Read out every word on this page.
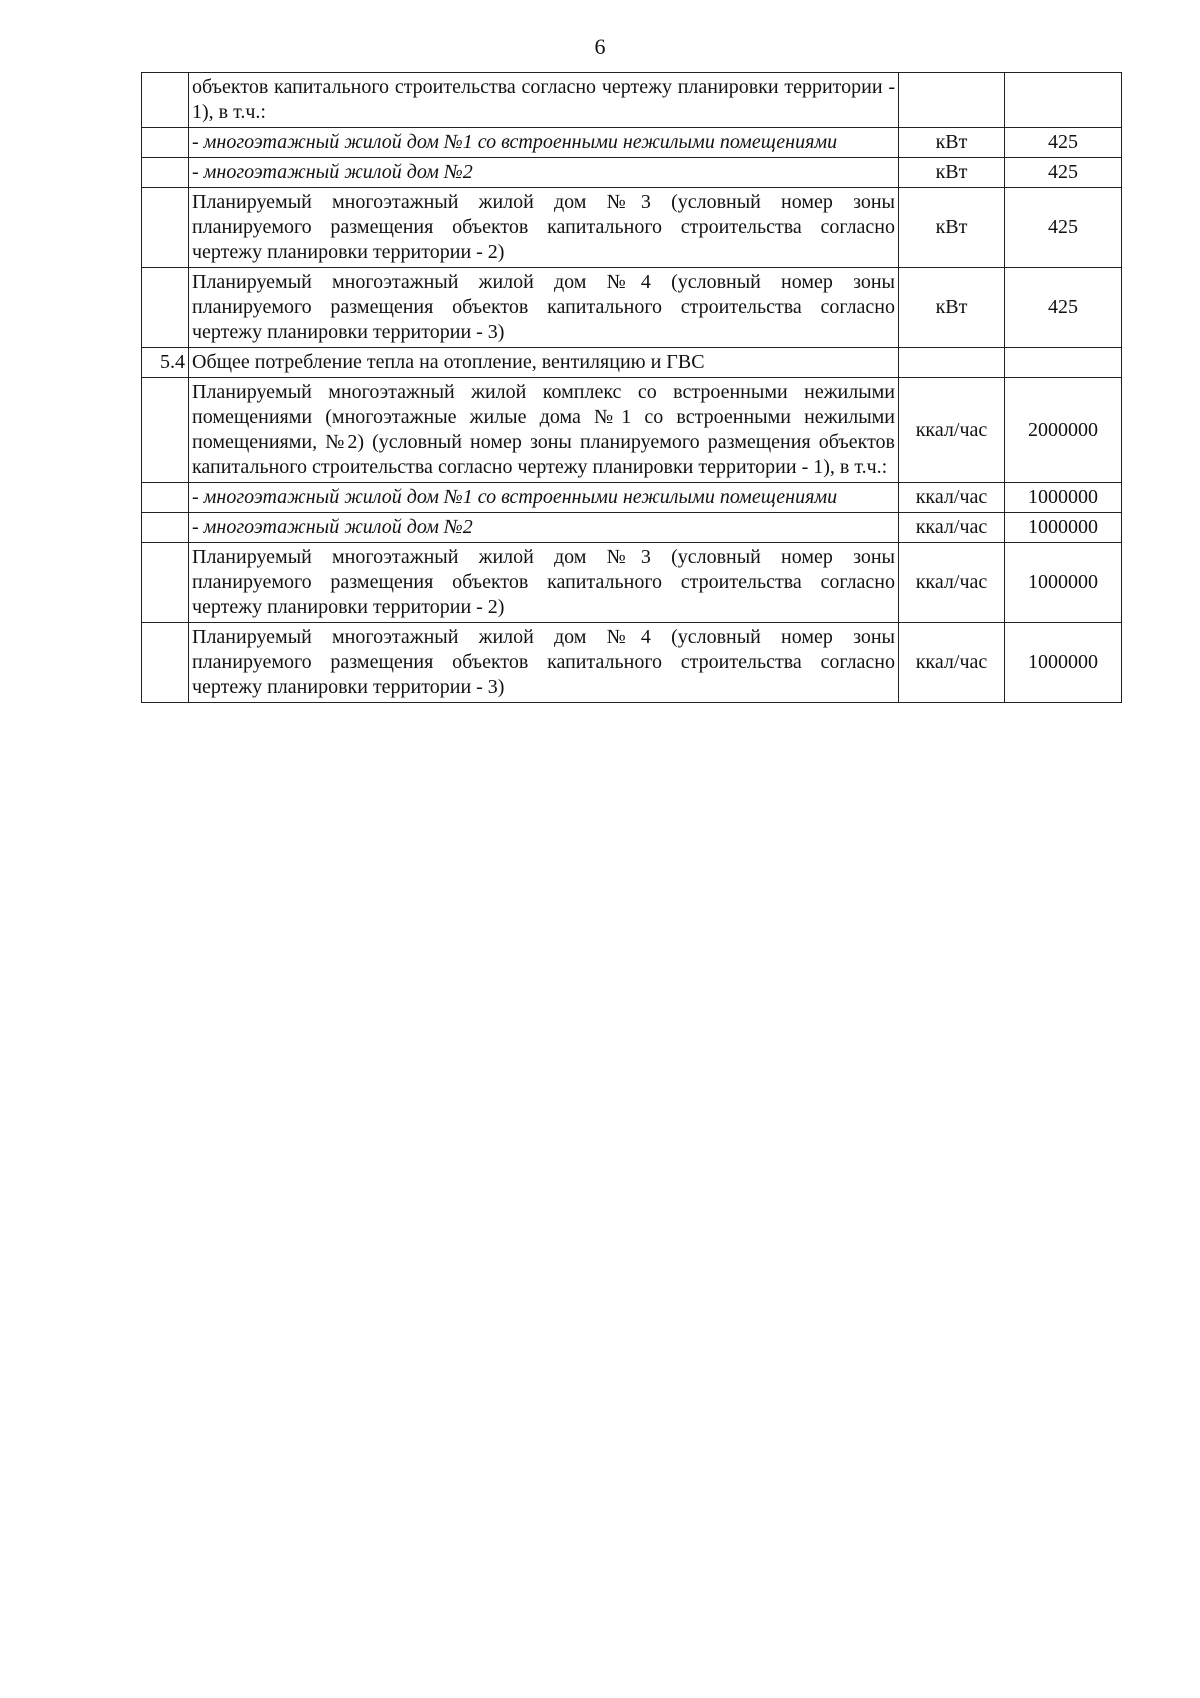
6
	объектов капитального строительства согласно чертежу планировки территории - 1), в т.ч.:		
	- многоэтажный жилой дом №1 со встроенными нежилыми помещениями	кВт	425
	- многоэтажный жилой дом №2	кВт	425
	Планируемый многоэтажный жилой дом №3 (условный номер зоны планируемого размещения объектов капитального строительства согласно чертежу планировки территории - 2)	кВт	425
	Планируемый многоэтажный жилой дом №4 (условный номер зоны планируемого размещения объектов капитального строительства согласно чертежу планировки территории - 3)	кВт	425
5.4	Общее потребление тепла на отопление, вентиляцию и ГВС		
	Планируемый многоэтажный жилой комплекс со встроенными нежилыми помещениями (многоэтажные жилые дома №1 со встроенными нежилыми помещениями, №2) (условный номер зоны планируемого размещения объектов капитального строительства согласно чертежу планировки территории - 1), в т.ч.:	ккал/час	2000000
	- многоэтажный жилой дом №1 со встроенными нежилыми помещениями	ккал/час	1000000
	- многоэтажный жилой дом №2	ккал/час	1000000
	Планируемый многоэтажный жилой дом №3 (условный номер зоны планируемого размещения объектов капитального строительства согласно чертежу планировки территории - 2)	ккал/час	1000000
	Планируемый многоэтажный жилой дом №4 (условный номер зоны планируемого размещения объектов капитального строительства согласно чертежу планировки территории - 3)	ккал/час	1000000
